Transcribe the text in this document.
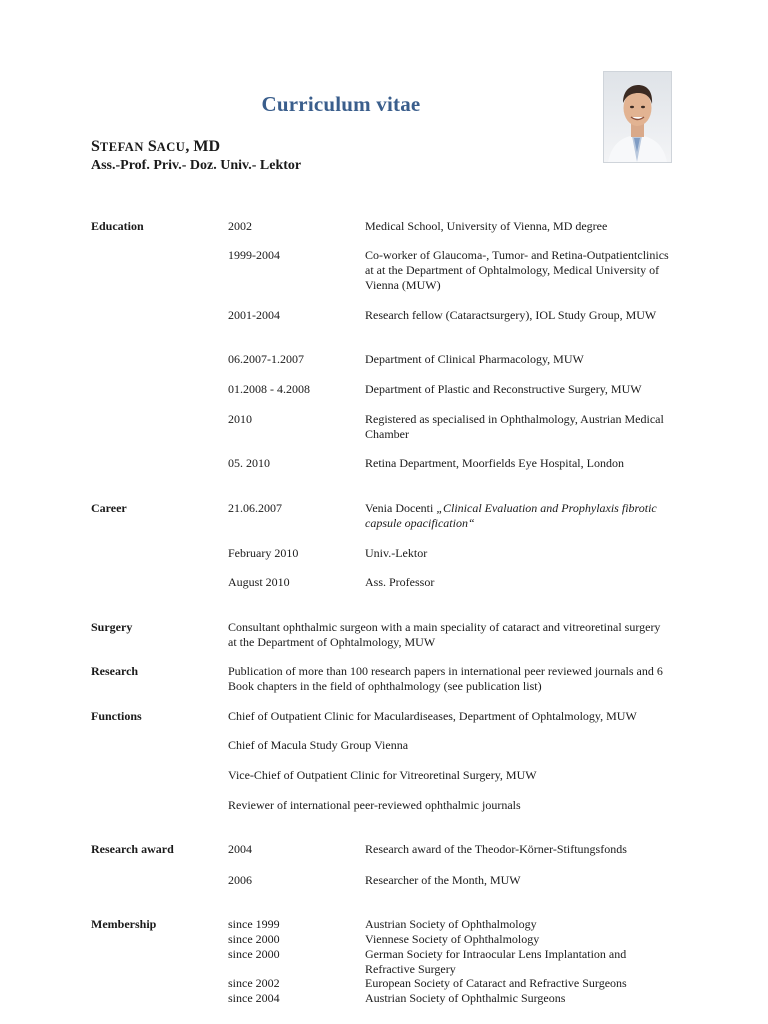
Curriculum vitae
STEFAN SACU, MD
Ass.-Prof. Priv.- Doz. Univ.- Lektor
Education	2002	Medical School, University of Vienna, MD degree
1999-2004	Co-worker of Glaucoma-, Tumor- and Retina-Outpatientclinics at at the Department of Ophtalmology, Medical University of Vienna (MUW)
2001-2004	Research fellow (Cataractsurgery), IOL Study Group, MUW
06.2007-1.2007	Department of Clinical Pharmacology, MUW
01.2008 - 4.2008	Department of Plastic and Reconstructive Surgery, MUW
2010	Registered as specialised in Ophthalmology, Austrian Medical Chamber
05. 2010	Retina Department, Moorfields Eye Hospital, London
Career	21.06.2007	Venia Docenti „Clinical Evaluation and Prophylaxis fibrotic capsule opacification“
February 2010	Univ.-Lektor
August 2010	Ass. Professor
Surgery	Consultant ophthalmic surgeon with a main speciality of cataract and vitreoretinal surgery at the Department of Ophtalmology, MUW
Research	Publication of more than 100 research papers in international peer reviewed journals and 6 Book chapters in the field of ophthalmology (see publication list)
Functions	Chief of Outpatient Clinic for Maculardiseases, Department of Ophtalmology, MUW
Chief of Macula Study Group Vienna
Vice-Chief of Outpatient Clinic for Vitreoretinal Surgery, MUW
Reviewer of international peer-reviewed ophthalmic journals
Research award	2004	Research award of the Theodor-Körner-Stiftungsfonds
2006	Researcher of the Month, MUW
Membership	since 1999	Austrian Society of Ophthalmology
since 2000	Viennese Society of Ophthalmology
since 2000	German Society for Intraocular Lens Implantation and Refractive Surgery
since 2002	European Society of Cataract and Refractive Surgeons
since 2004	Austrian Society of Ophthalmic Surgeons
